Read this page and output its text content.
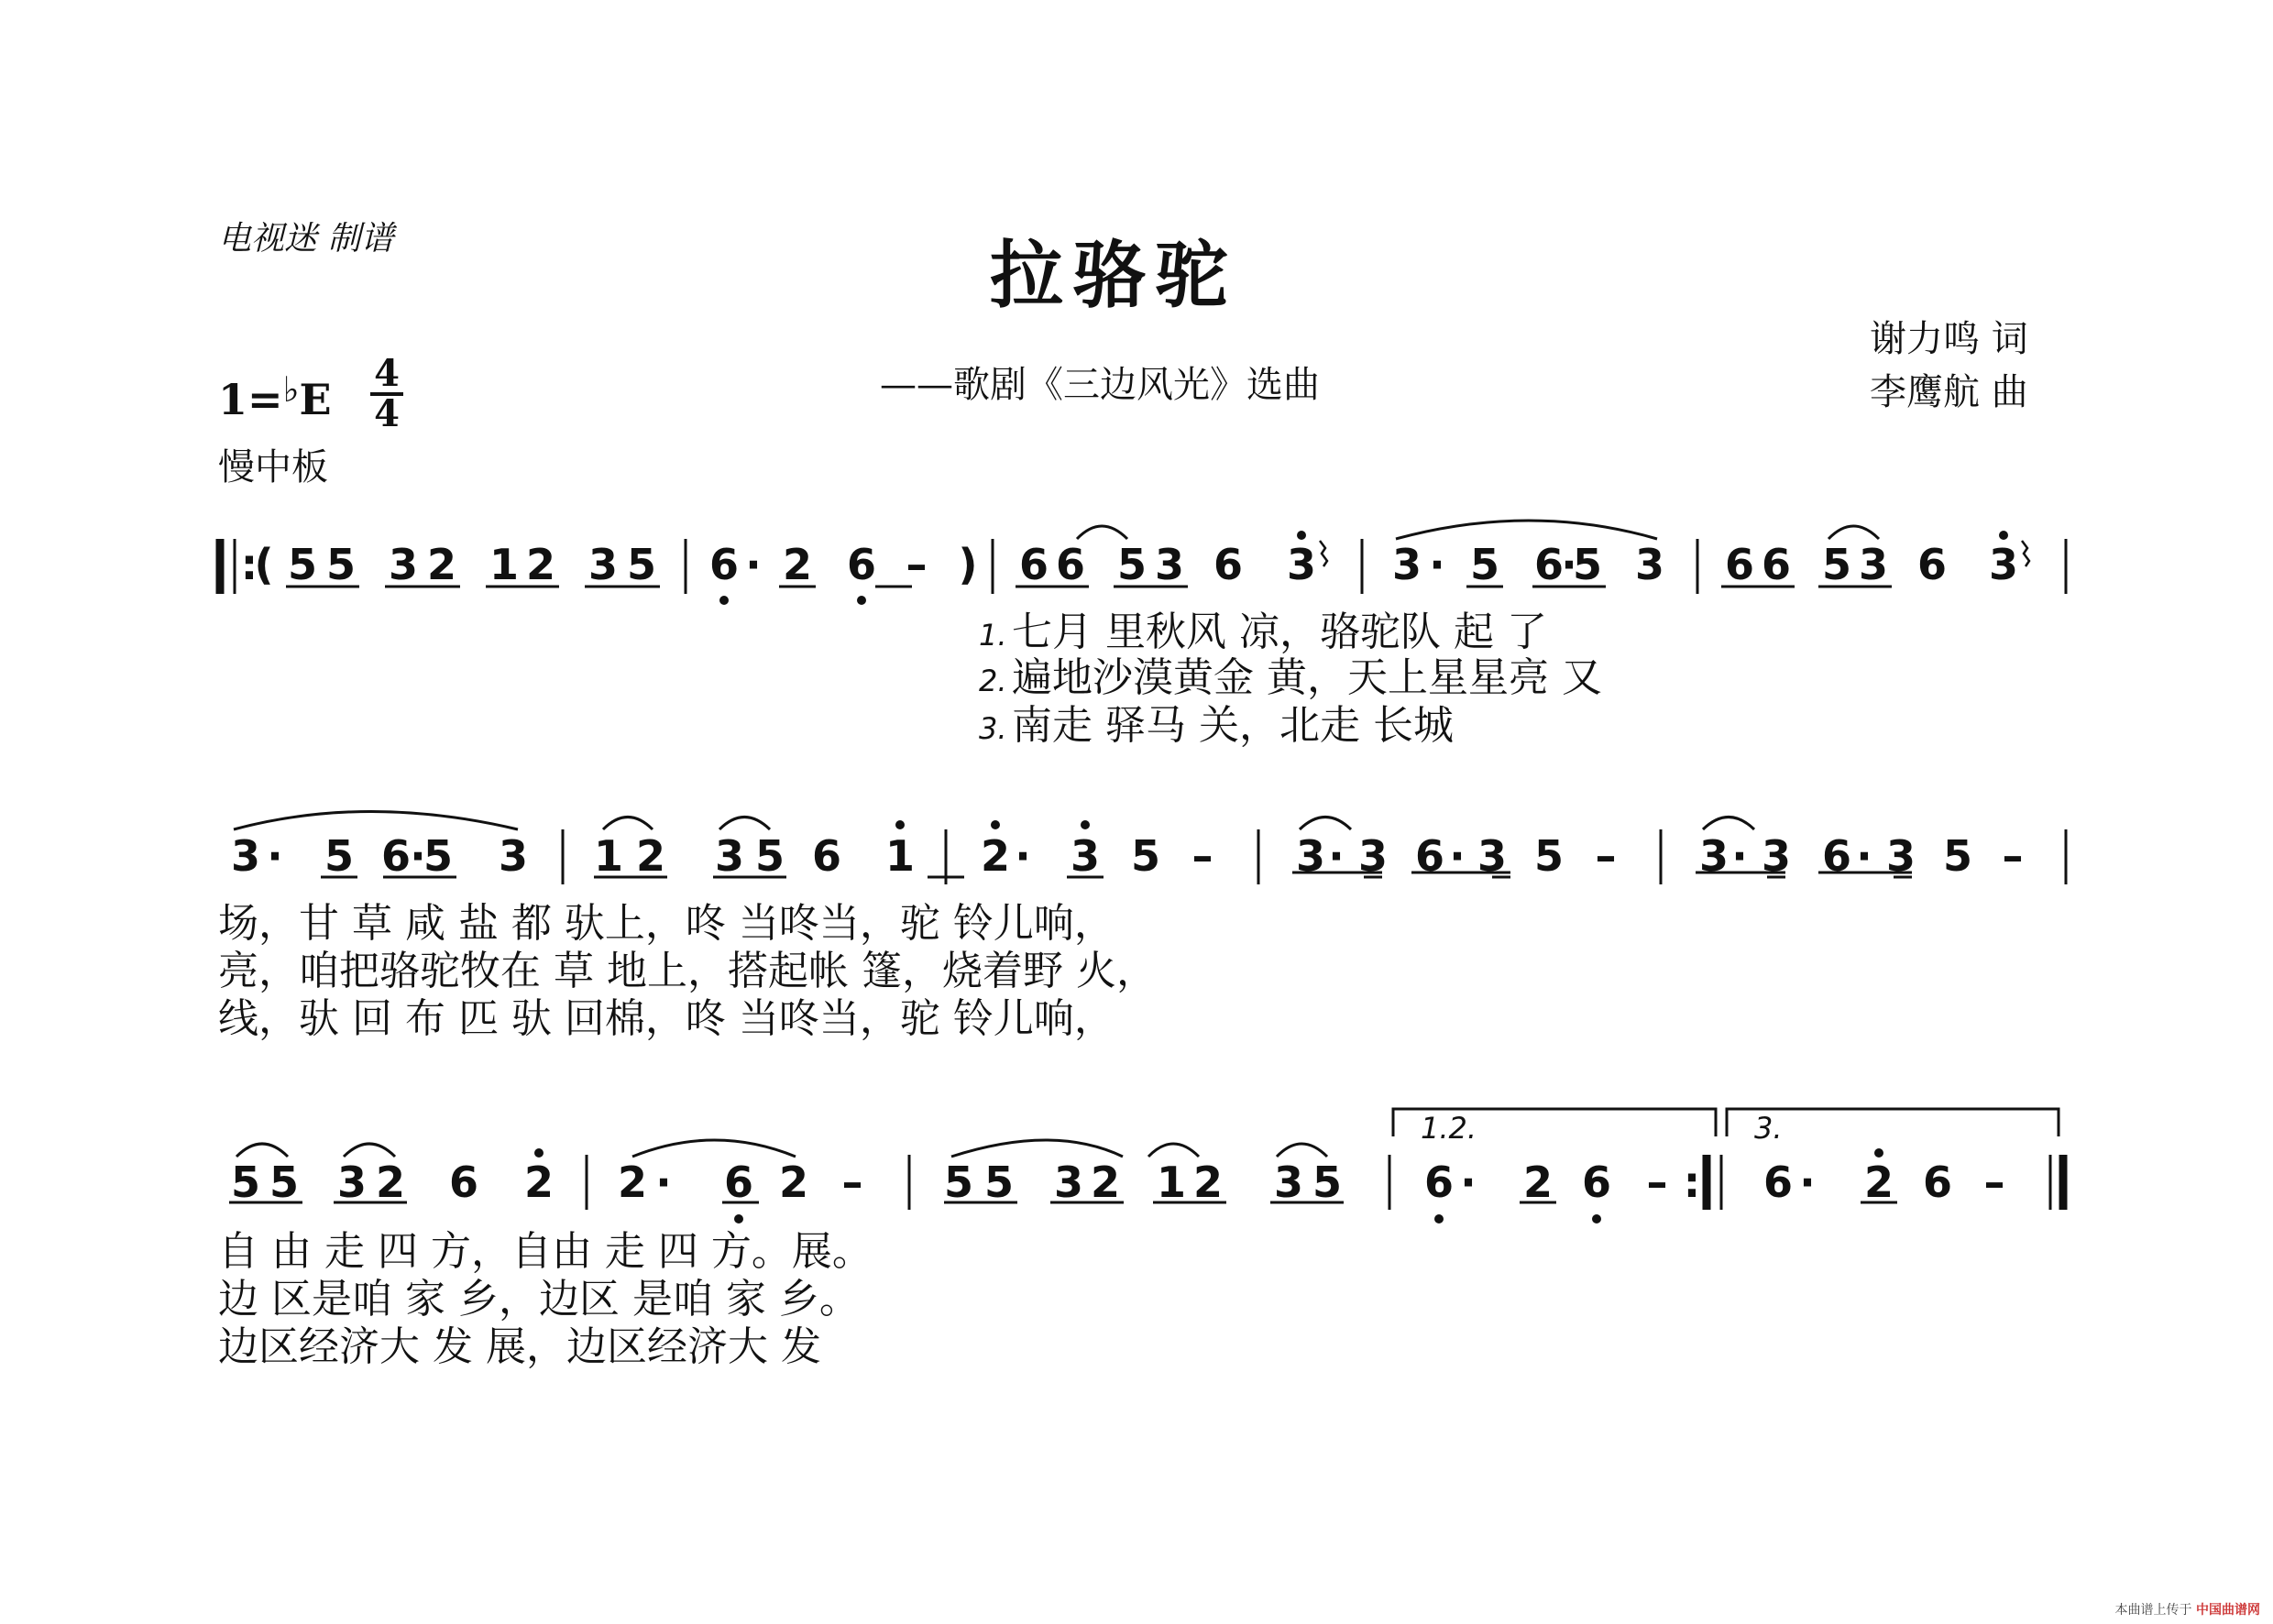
电视迷 制谱	拉骆驼
——歌剧《三边风光》选曲
谢力鸣 词
李鹰航 曲
1=♭E
4
4
慢中板
:
( 5 5 3 2 1 2 3 5 6 · 2 6 – ) 6 6 5 3 6 3 3 · 5 6
·
5 3 6 6 5 3 6 3
1. 七月 里秋风 凉，骆驼队 起 了
2. 遍地沙漠黄金 黄，天上星星亮 又
3. 南走 驿马 关，北走 长城
3 · 5 6 ·
5 3 1 2 3 5 6 1 2 · 3 5 – 3 · 3 6 · 3 5 – 3 · 3 6 · 3 5 –
场，甘 草 咸 盐 都 驮上，咚 当咚当，驼 铃儿响，
亮，咱把骆驼牧在 草 地上，搭起帐 篷，烧着野 火，
线，驮 回 布 匹 驮 回棉，咚 当咚当，驼 铃儿响，
1.2.	3.
5 5 3 2 6 2 2 · 6 2 – 5 5 3 2 1 2 3 5 6 · 2 6 – : 6 · 2 6 –
自 由 走 四 方，自由 走 四 方。展。
边 区是咱 家 乡，边区 是咱 家 乡。
边区经济大 发 展，边区经济大 发
本曲谱上传于 中国曲谱网
